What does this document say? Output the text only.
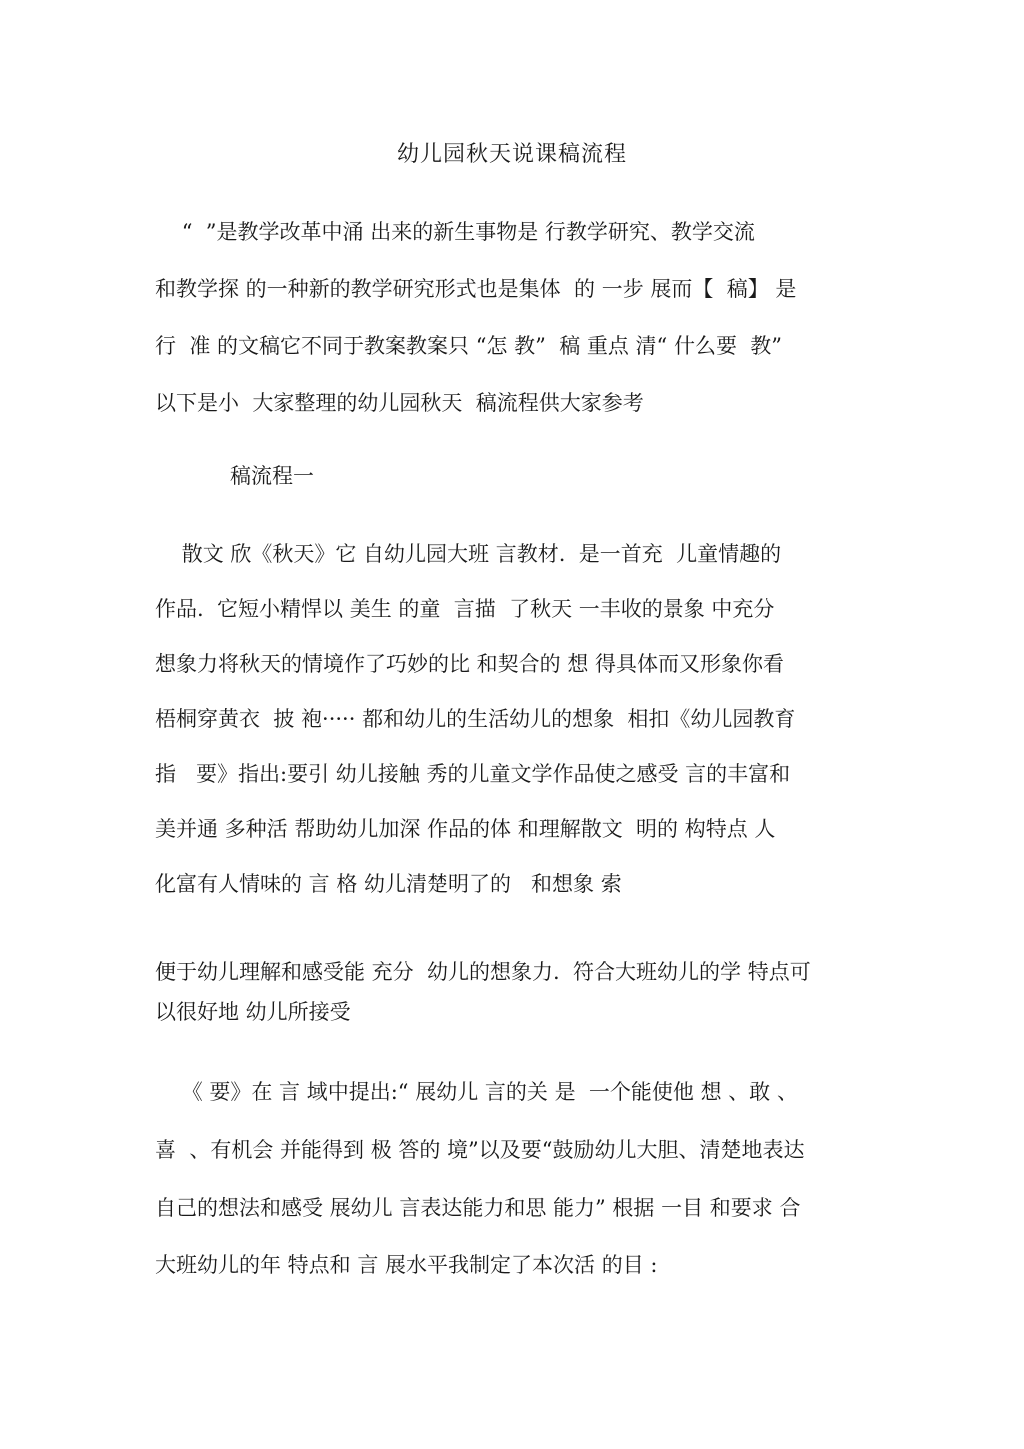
幼儿园秋天说课稿流程
“  ”是教学改革中涌 出来的新生事物是 行教学研究、教学交流
和教学探 的一种新的教学研究形式也是集体  的 一步 展而【  稿】 是
行  准 的文稿它不同于教案教案只 “怎 教”  稿 重点 清“ 什么要  教”
以下是小  大家整理的幼儿园秋天  稿流程供大家参考
稿流程一
散文 欣《秋天》它 自幼儿园大班 言教材.  是一首充  儿童情趣的
作品.  它短小精悍以 美生 的童  言描  了秋天 一丰收的景象 中充分
想象力将秋天的情境作了巧妙的比 和契合的 想 得具体而又形象你看
梧桐穿黄衣  披 袍····· 都和幼儿的生活幼儿的想象  相扣《幼儿园教育
指   要》指出:要引 幼儿接触 秀的儿童文学作品使之感受 言的丰富和
美并通 多种活 帮助幼儿加深 作品的体 和理解散文  明的 构特点 人
化富有人情味的 言 格 幼儿清楚明了的   和想象 索
便于幼儿理解和感受能 充分  幼儿的想象力.  符合大班幼儿的学 特点可
以很好地 幼儿所接受
《 要》在 言 域中提出:“ 展幼儿 言的关 是  一个能使他 想 、敢 、
喜  、有机会 并能得到 极 答的 境”以及要“鼓励幼儿大胆、清楚地表达
自己的想法和感受 展幼儿 言表达能力和思 能力” 根据 一目 和要求 合
大班幼儿的年 特点和 言 展水平我制定了本次活 的目 :
